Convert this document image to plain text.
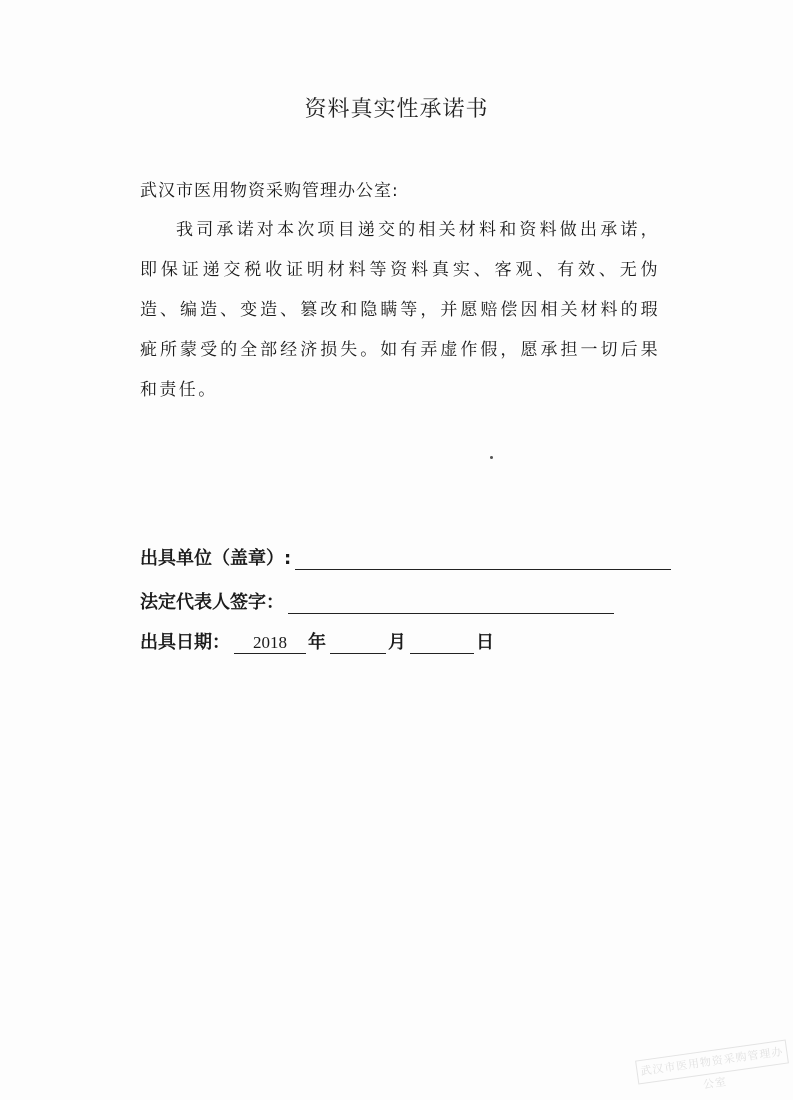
资料真实性承诺书
武汉市医用物资采购管理办公室:
我司承诺对本次项目递交的相关材料和资料做出承诺，即保证递交税收证明材料等资料真实、客观、有效、无伪造、编造、变造、篡改和隐瞒等，并愿赔偿因相关材料的瑕疵所蒙受的全部经济损失。如有弄虚作假，愿承担一切后果和责任。
出具单位（盖章）:
法定代表人签字：
出具日期：	2018	年	月	日
武汉市医用物资采购管理办公室
